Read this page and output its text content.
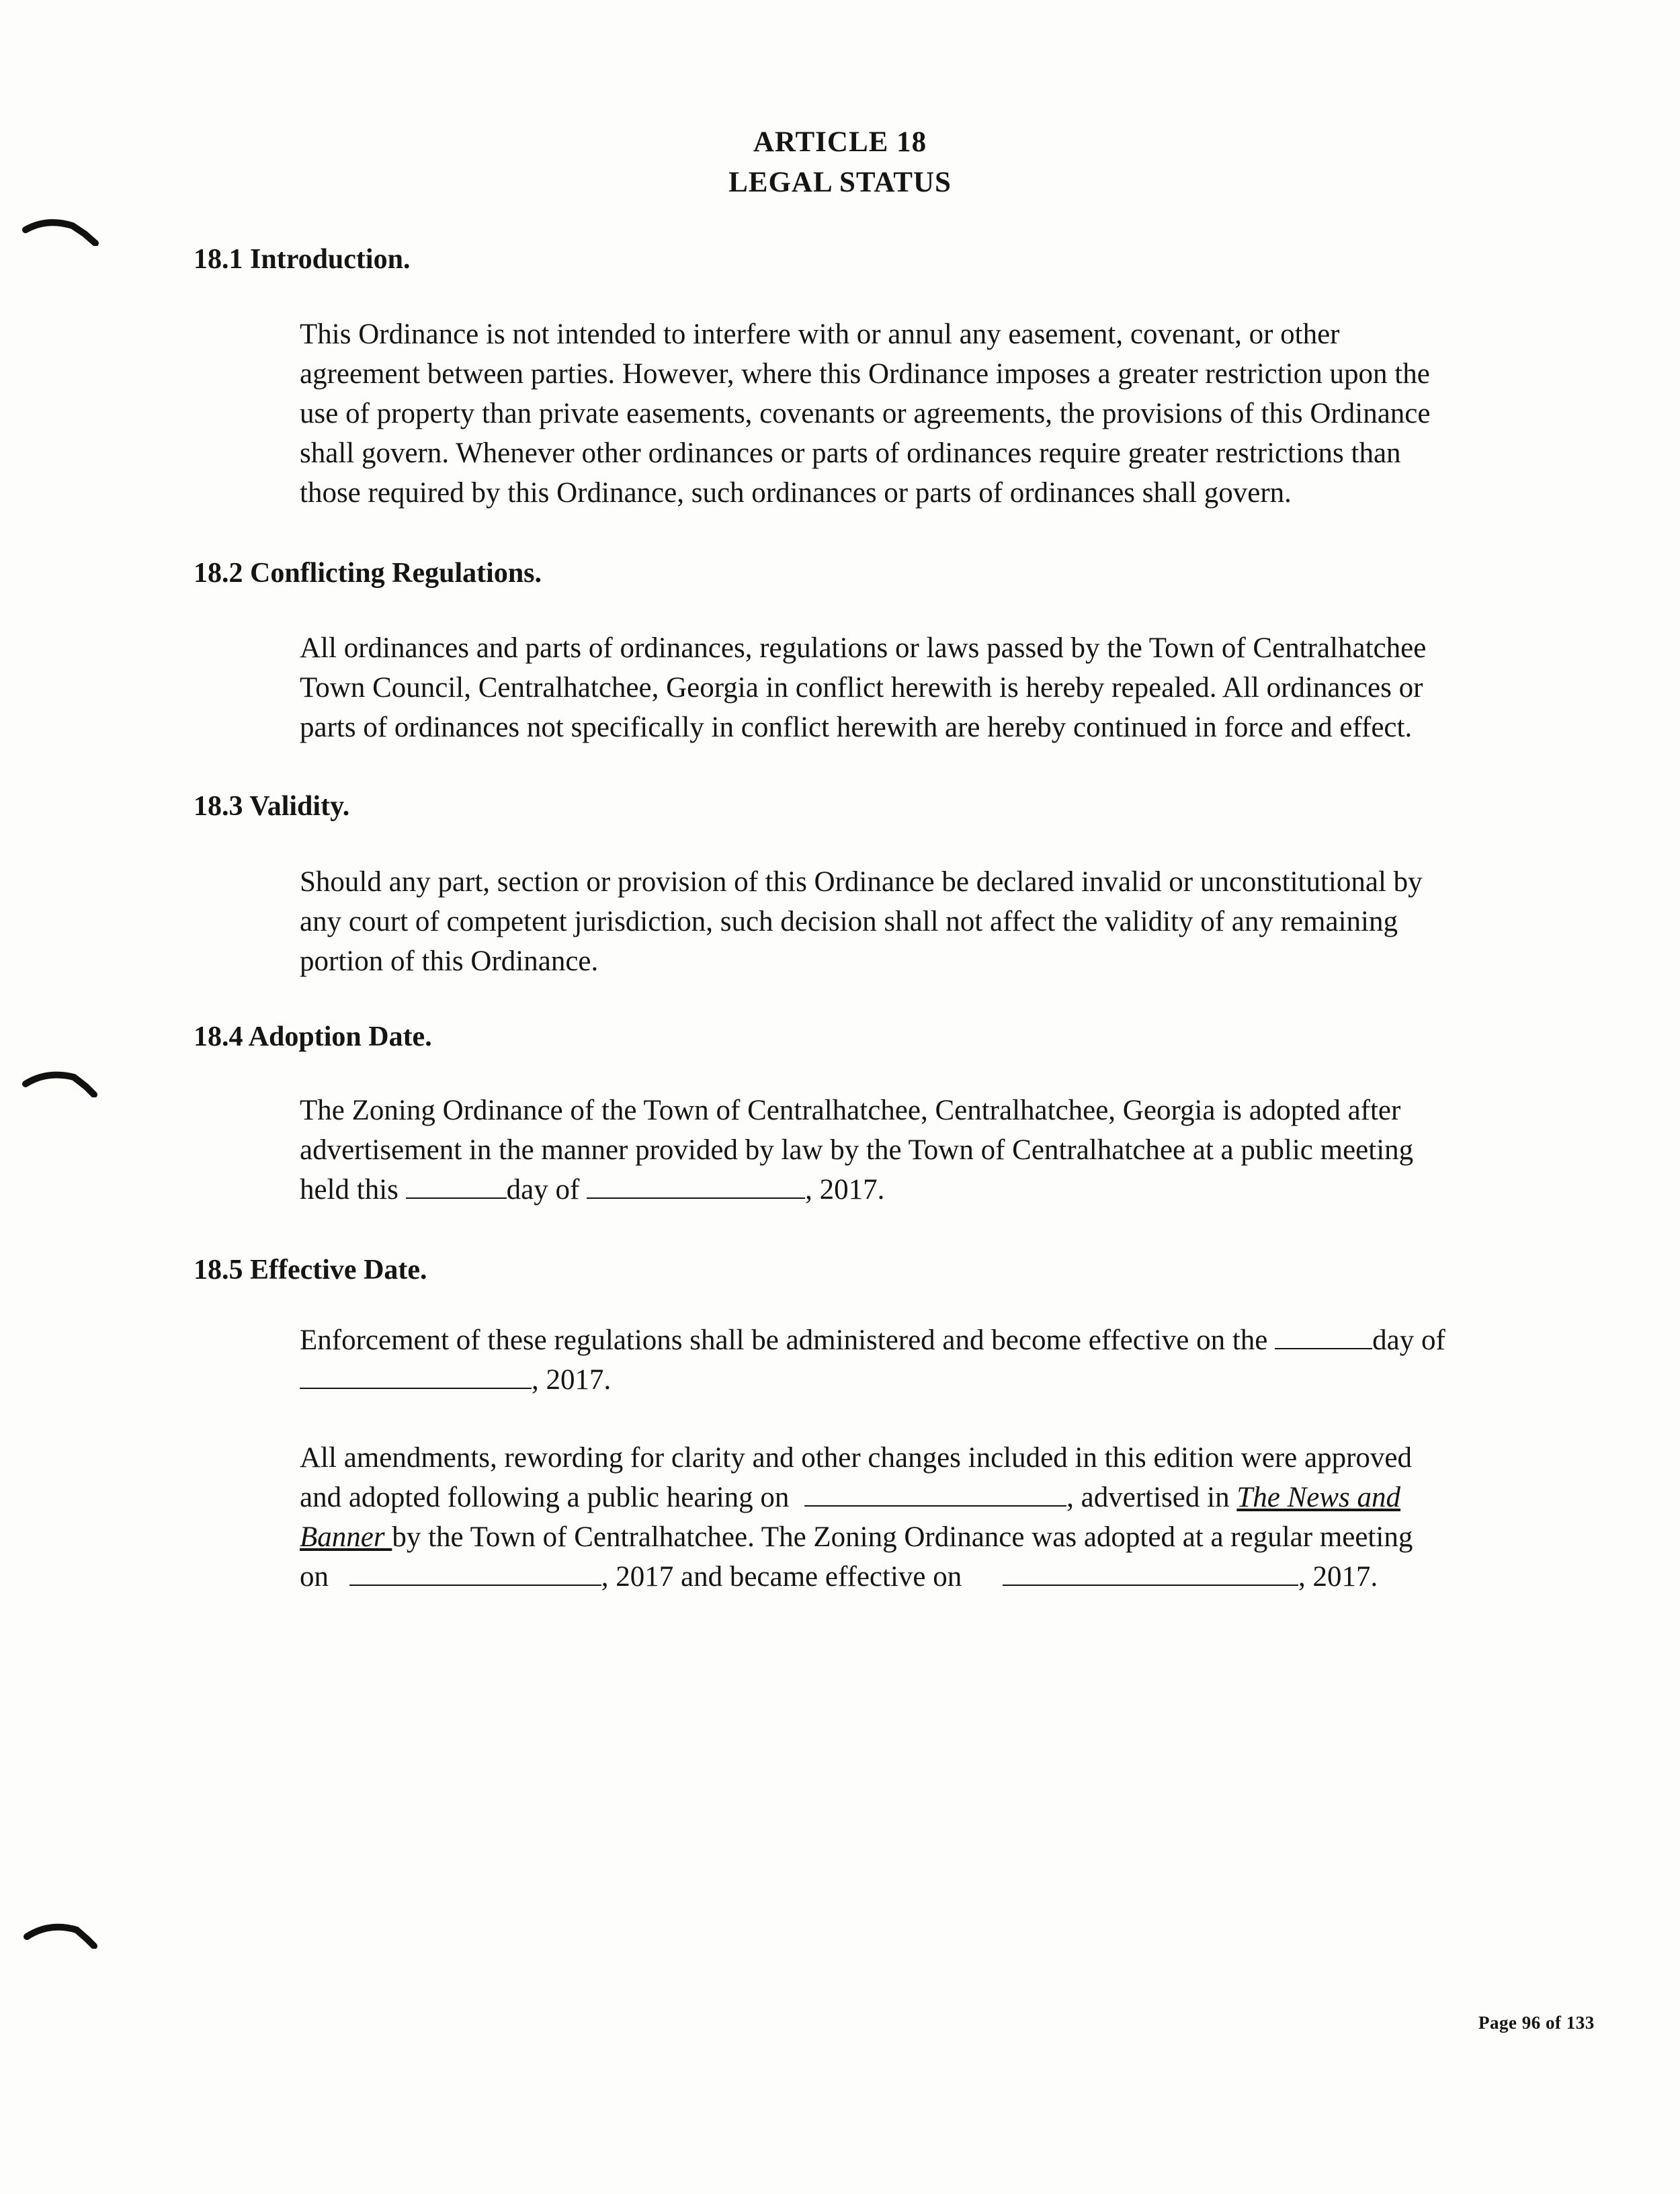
ARTICLE 18
LEGAL STATUS
18.1 Introduction.
This Ordinance is not intended to interfere with or annul any easement, covenant, or other
agreement between parties. However, where this Ordinance imposes a greater restriction upon the
use of property than private easements, covenants or agreements, the provisions of this Ordinance
shall govern. Whenever other ordinances or parts of ordinances require greater restrictions than
those required by this Ordinance, such ordinances or parts of ordinances shall govern.
18.2 Conflicting Regulations.
All ordinances and parts of ordinances, regulations or laws passed by the Town of Centralhatchee
Town Council, Centralhatchee, Georgia in conflict herewith is hereby repealed. All ordinances or
parts of ordinances not specifically in conflict herewith are hereby continued in force and effect.
18.3 Validity.
Should any part, section or provision of this Ordinance be declared invalid or unconstitutional by
any court of competent jurisdiction, such decision shall not affect the validity of any remaining
portion of this Ordinance.
18.4 Adoption Date.
The Zoning Ordinance of the Town of Centralhatchee, Centralhatchee, Georgia is adopted after
advertisement in the manner provided by law by the Town of Centralhatchee at a public meeting
held this	day of	, 2017.
18.5 Effective Date.
Enforcement of these regulations shall be administered and become effective on the	day of
, 2017.
All amendments, rewording for clarity and other changes included in this edition were approved
and adopted following a public hearing on	, advertised in The News and
Banner by the Town of Centralhatchee. The Zoning Ordinance was adopted at a regular meeting
on	, 2017 and became effective on	, 2017.
Page 96 of 133
